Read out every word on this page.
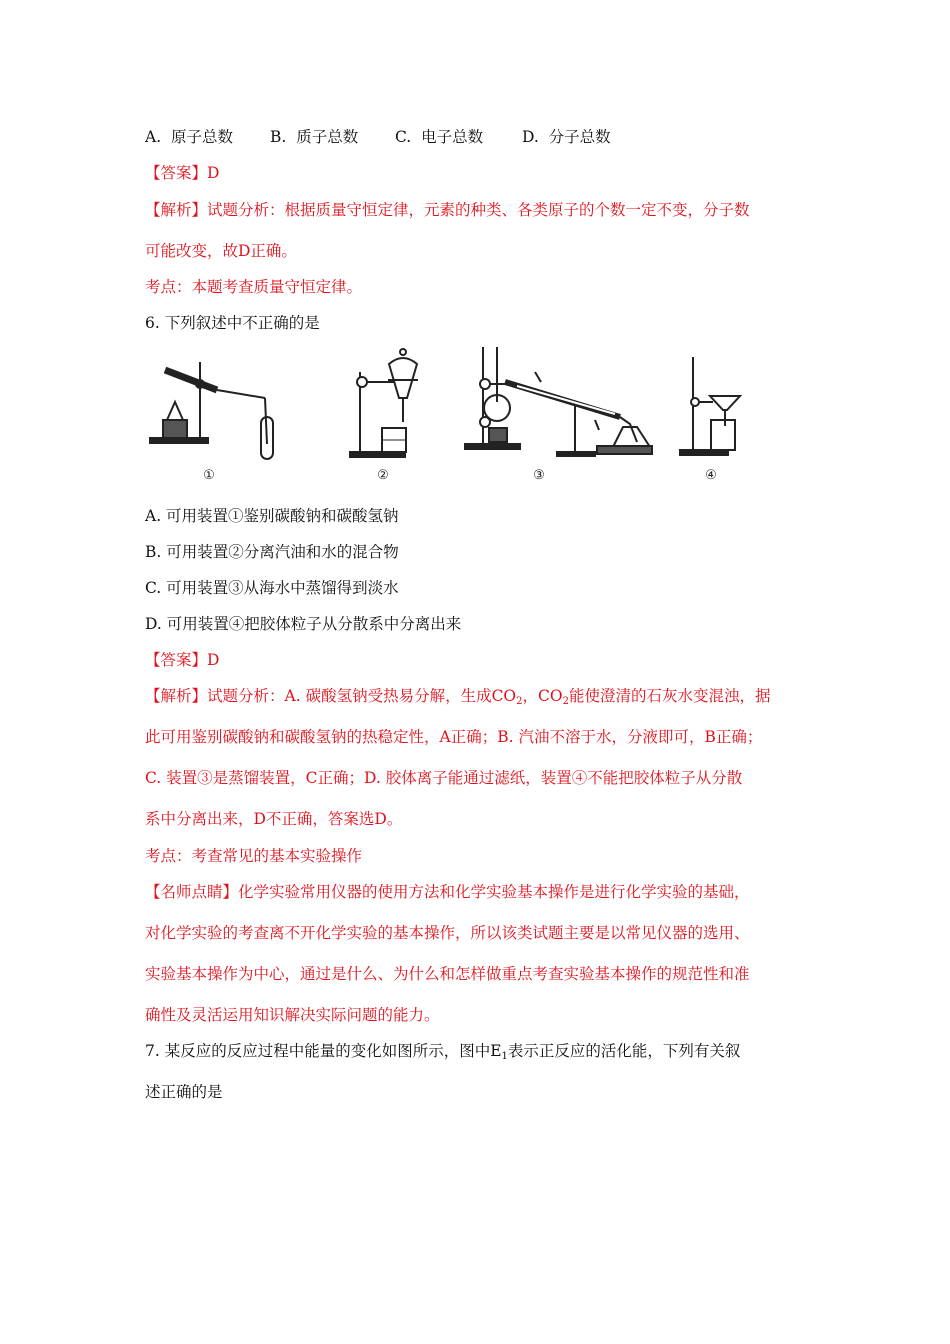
A. 原子总数 B. 质子总数 C. 电子总数	D. 分子总数
【答案】D
【解析】试题分析：根据质量守恒定律，元素的种类、各类原子的个数一定不变，分子数
可能改变，故D正确。
考点：本题考查质量守恒定律。
6. 下列叙述中不正确的是
①	②	③	④
A. 可用装置①鉴别碳酸钠和碳酸氢钠
B. 可用装置②分离汽油和水的混合物
C. 可用装置③从海水中蒸馏得到淡水
D. 可用装置④把胶体粒子从分散系中分离出来
【答案】D
【解析】试题分析：A. 碳酸氢钠受热易分解，生成$CO_2$，$CO_2$能使澄清的石灰水变混浊，据
此可用鉴别碳酸钠和碳酸氢钠的热稳定性，A正确；B. 汽油不溶于水，分液即可，B正确；
C. 装置③是蒸馏装置，C正确；D. 胶体离子能通过滤纸，装置④不能把胶体粒子从分散
系中分离出来，D不正确，答案选D。
考点：考查常见的基本实验操作
【名师点睛】化学实验常用仪器的使用方法和化学实验基本操作是进行化学实验的基础，
对化学实验的考查离不开化学实验的基本操作，所以该类试题主要是以常见仪器的选用、
实验基本操作为中心，通过是什么、为什么和怎样做重点考查实验基本操作的规范性和准
确性及灵活运用知识解决实际问题的能力。
7. 某反应的反应过程中能量的变化如图所示，图中$E_1$表示正反应的活化能，下列有关叙
述正确的是
